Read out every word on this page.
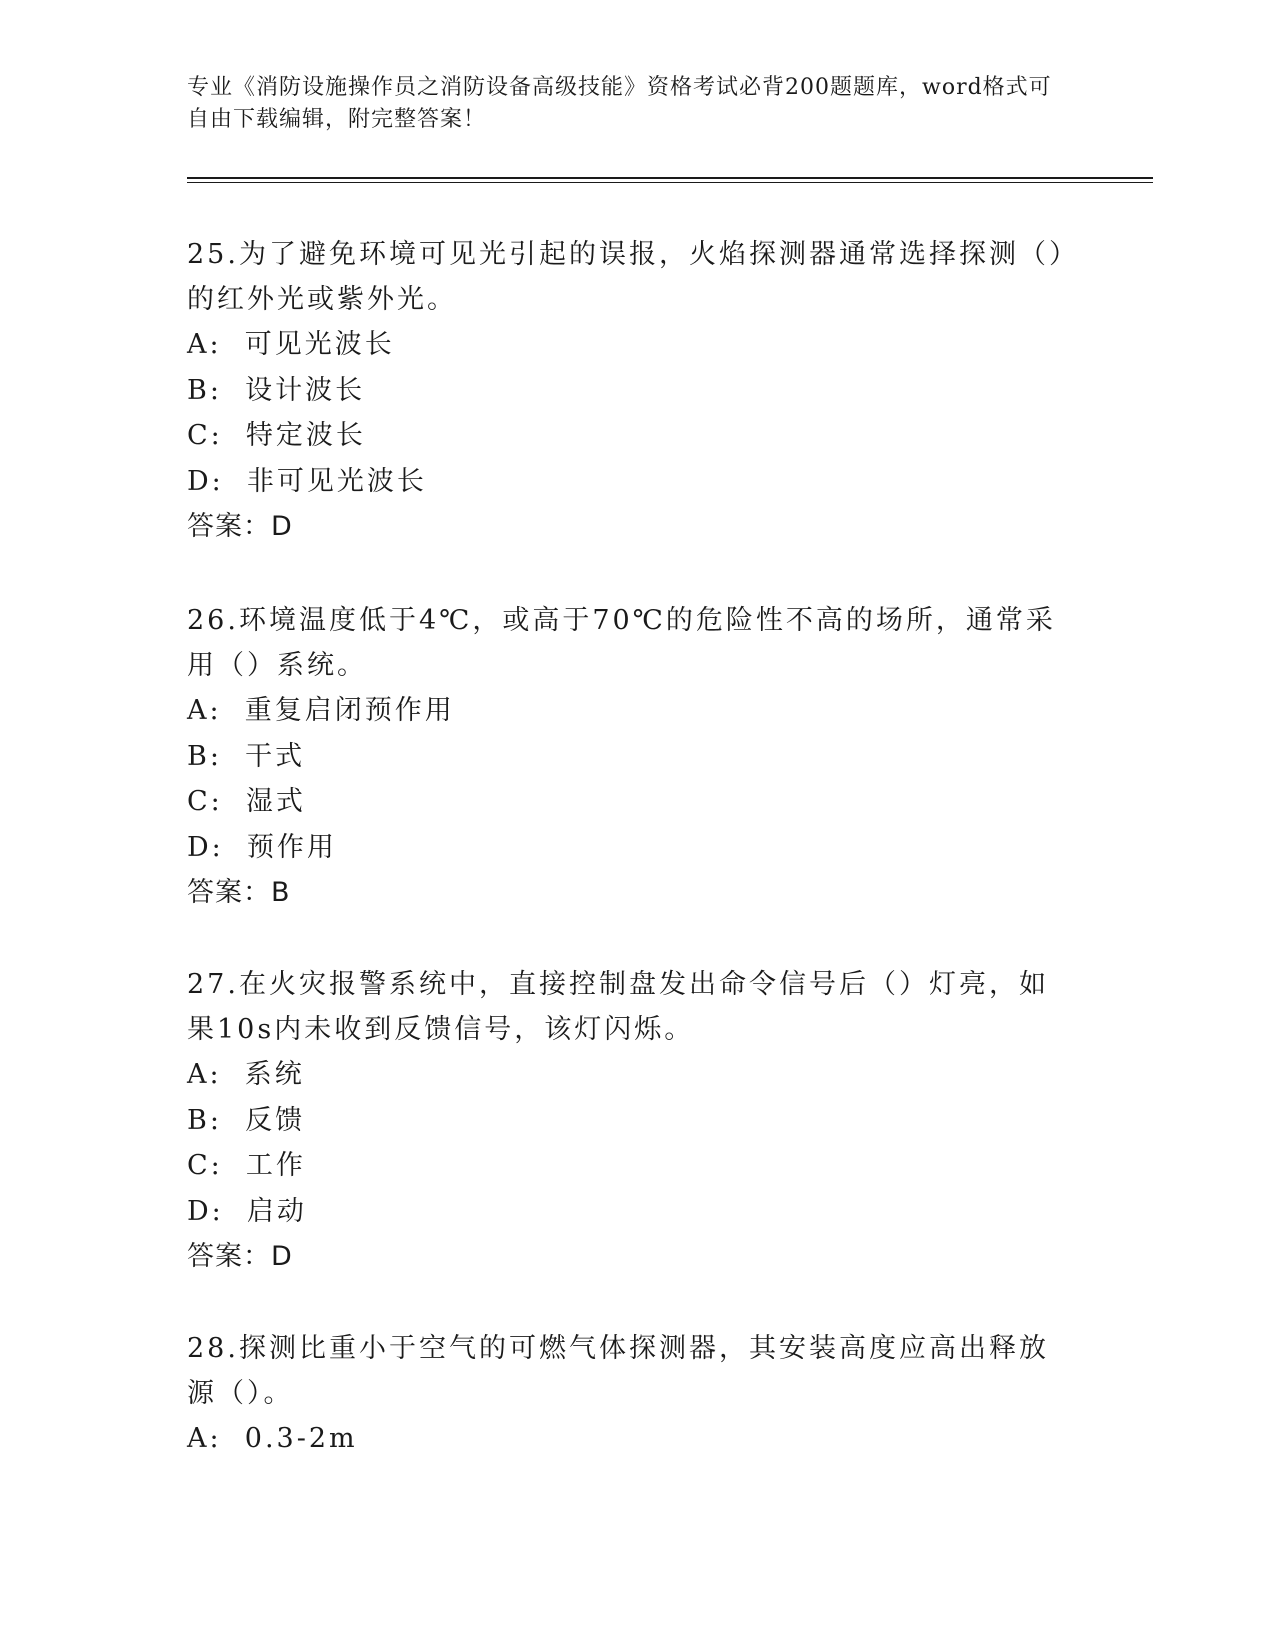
专业《消防设施操作员之消防设备高级技能》资格考试必背200题题库，word格式可自由下载编辑，附完整答案！
25.为了避免环境可见光引起的误报，火焰探测器通常选择探测（）的红外光或紫外光。
A:  可见光波长
B:  设计波长
C:  特定波长
D:  非可见光波长
答案：D
26.环境温度低于4℃，或高于70℃的危险性不高的场所，通常采用（）系统。
A:  重复启闭预作用
B:  干式
C:  湿式
D:  预作用
答案：B
27.在火灾报警系统中，直接控制盘发出命令信号后（）灯亮，如果10s内未收到反馈信号，该灯闪烁。
A:  系统
B:  反馈
C:  工作
D:  启动
答案：D
28.探测比重小于空气的可燃气体探测器，其安装高度应高出释放源（）。
A:  0.3-2m
